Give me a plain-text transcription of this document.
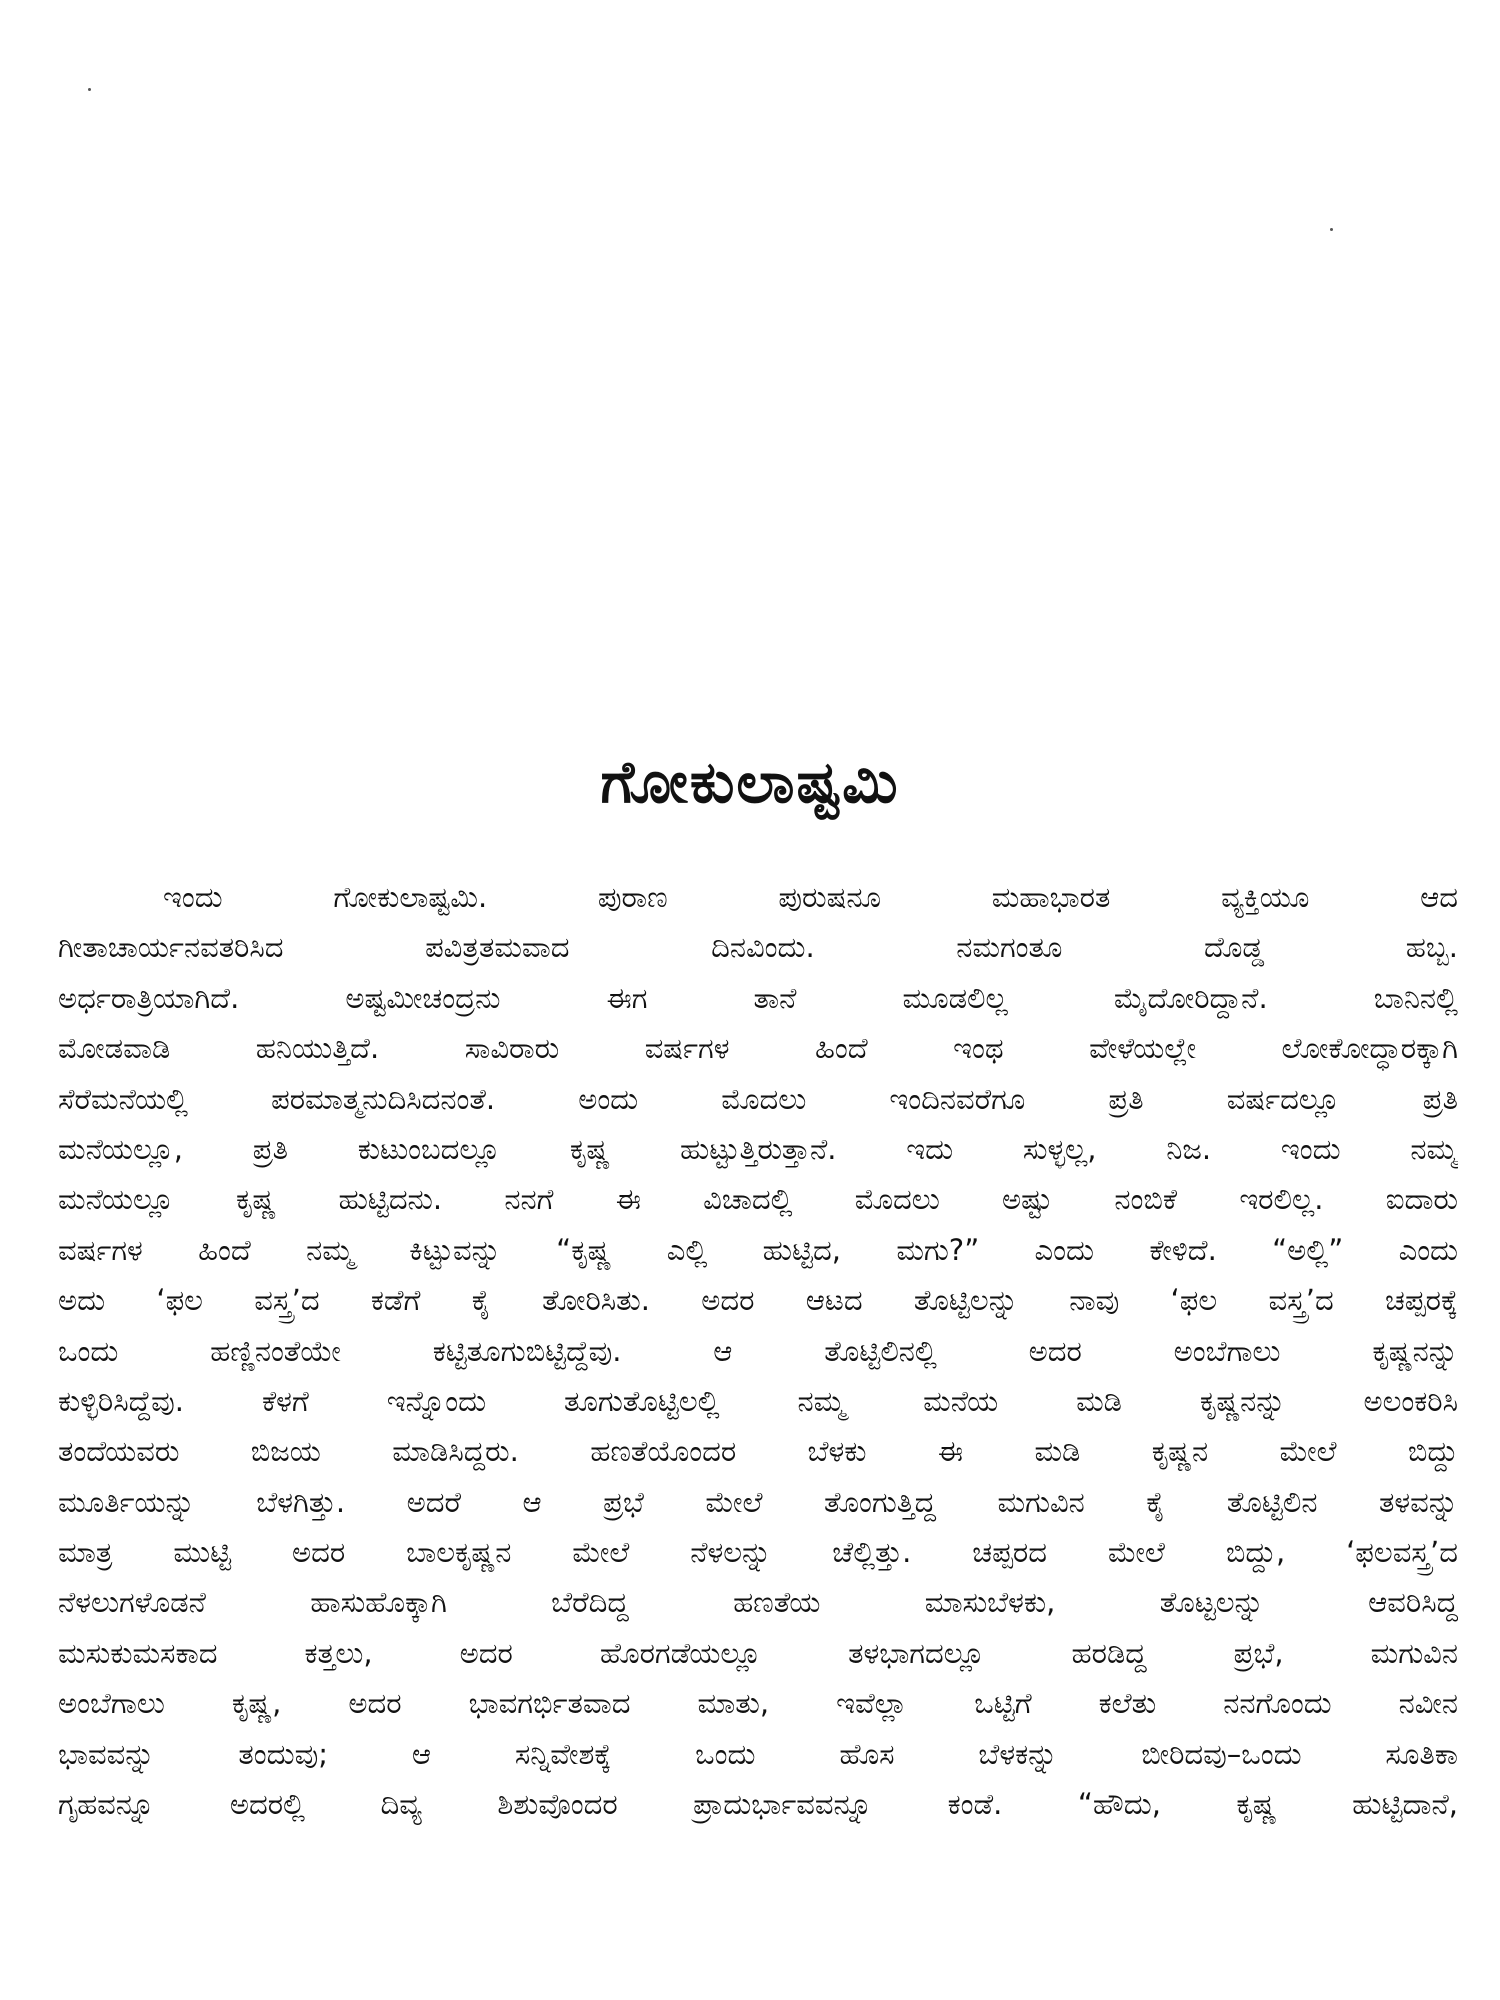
ಗೋಕುಲಾಷ್ಟಮಿ
ಇಂದು ಗೋಕುಲಾಷ್ಟಮಿ. ಪುರಾಣ ಪುರುಷನೂ ಮಹಾಭಾರತ ವ್ಯಕ್ತಿಯೂ ಆದ
ಗೀತಾಚಾರ್ಯನವತರಿಸಿದ ಪವಿತ್ರತಮವಾದ ದಿನವಿಂದು. ನಮಗಂತೂ ದೊಡ್ಡ ಹಬ್ಬ.
ಅರ್ಧರಾತ್ರಿಯಾಗಿದೆ. ಅಷ್ಟಮೀಚಂದ್ರನು ಈಗ ತಾನೆ ಮೂಡಲಿಲ್ಲ ಮೈದೋರಿದ್ದಾನೆ. ಬಾನಿನಲ್ಲಿ
ಮೋಡವಾಡಿ ಹನಿಯುತ್ತಿದೆ. ಸಾವಿರಾರು ವರ್ಷಗಳ ಹಿಂದೆ ಇಂಥ ವೇಳೆಯಲ್ಲೇ ಲೋಕೋದ್ಧಾರಕ್ಕಾಗಿ
ಸೆರೆಮನೆಯಲ್ಲಿ ಪರಮಾತ್ಮನುದಿಸಿದನಂತೆ. ಅಂದು ಮೊದಲು ಇಂದಿನವರೆಗೂ ಪ್ರತಿ ವರ್ಷದಲ್ಲೂ ಪ್ರತಿ
ಮನೆಯಲ್ಲೂ, ಪ್ರತಿ ಕುಟುಂಬದಲ್ಲೂ ಕೃಷ್ಣ ಹುಟ್ಟುತ್ತಿರುತ್ತಾನೆ. ಇದು ಸುಳ್ಳಲ್ಲ, ನಿಜ. ಇಂದು ನಮ್ಮ
ಮನೆಯಲ್ಲೂ ಕೃಷ್ಣ ಹುಟ್ಟಿದನು. ನನಗೆ ಈ ವಿಚಾದಲ್ಲಿ ಮೊದಲು ಅಷ್ಟು ನಂಬಿಕೆ ಇರಲಿಲ್ಲ. ಐದಾರು
ವರ್ಷಗಳ ಹಿಂದೆ ನಮ್ಮ ಕಿಟ್ಟುವನ್ನು “ಕೃಷ್ಣ ಎಲ್ಲಿ ಹುಟ್ಟಿದ, ಮಗು?” ಎಂದು ಕೇಳಿದೆ. “ಅಲ್ಲಿ” ಎಂದು
ಅದು ‘ಫಲ ವಸ್ತ್ರ’ದ ಕಡೆಗೆ ಕೈ ತೋರಿಸಿತು. ಅದರ ಆಟದ ತೊಟ್ಟಿಲನ್ನು ನಾವು ‘ಫಲ ವಸ್ತ್ರ’ದ ಚಪ್ಪರಕ್ಕೆ
ಒಂದು ಹಣ್ಣಿನಂತೆಯೇ ಕಟ್ಟಿತೂಗುಬಿಟ್ಟಿದ್ದೆವು. ಆ ತೊಟ್ಟಿಲಿನಲ್ಲಿ ಅದರ ಅಂಬೆಗಾಲು ಕೃಷ್ಣನನ್ನು
ಕುಳ್ಳಿರಿಸಿದ್ದೆವು. ಕೆಳಗೆ ಇನ್ನೊಂದು ತೂಗುತೊಟ್ಟಿಲಲ್ಲಿ ನಮ್ಮ ಮನೆಯ ಮಡಿ ಕೃಷ್ಣನನ್ನು ಅಲಂಕರಿಸಿ
ತಂದೆಯವರು ಬಿಜಯ ಮಾಡಿಸಿದ್ದರು. ಹಣತೆಯೊಂದರ ಬೆಳಕು ಈ ಮಡಿ ಕೃಷ್ಣನ ಮೇಲೆ ಬಿದ್ದು
ಮೂರ್ತಿಯನ್ನು ಬೆಳಗಿತ್ತು. ಅದರೆ ಆ ಪ್ರಭೆ ಮೇಲೆ ತೊಂಗುತ್ತಿದ್ದ ಮಗುವಿನ ಕೈ ತೊಟ್ಟಿಲಿನ ತಳವನ್ನು
ಮಾತ್ರ ಮುಟ್ಟಿ ಅದರ ಬಾಲಕೃಷ್ಣನ ಮೇಲೆ ನೆಳಲನ್ನು ಚೆಲ್ಲಿತ್ತು. ಚಪ್ಪರದ ಮೇಲೆ ಬಿದ್ದು, ‘ಫಲವಸ್ತ್ರ’ದ
ನೆಳಲುಗಳೊಡನೆ ಹಾಸುಹೊಕ್ಕಾಗಿ ಬೆರೆದಿದ್ದ ಹಣತೆಯ ಮಾಸುಬೆಳಕು, ತೊಟ್ಟಲನ್ನು ಆವರಿಸಿದ್ದ
ಮಸುಕುಮಸಕಾದ ಕತ್ತಲು, ಅದರ ಹೊರಗಡೆಯಲ್ಲೂ ತಳಭಾಗದಲ್ಲೂ ಹರಡಿದ್ದ ಪ್ರಭೆ, ಮಗುವಿನ
ಅಂಬೆಗಾಲು ಕೃಷ್ಣ, ಅದರ ಭಾವಗರ್ಭಿತವಾದ ಮಾತು, ಇವೆಲ್ಲಾ ಒಟ್ಟಿಗೆ ಕಲೆತು ನನಗೊಂದು ನವೀನ
ಭಾವವನ್ನು ತಂದುವು; ಆ ಸನ್ನಿವೇಶಕ್ಕೆ ಒಂದು ಹೊಸ ಬೆಳಕನ್ನು ಬೀರಿದವು–ಒಂದು ಸೂತಿಕಾ
ಗೃಹವನ್ನೂ ಅದರಲ್ಲಿ ದಿವ್ಯ ಶಿಶುವೊಂದರ ಪ್ರಾದುರ್ಭಾವವನ್ನೂ ಕಂಡೆ. “ಹೌದು, ಕೃಷ್ಣ ಹುಟ್ಟಿದಾನೆ,
